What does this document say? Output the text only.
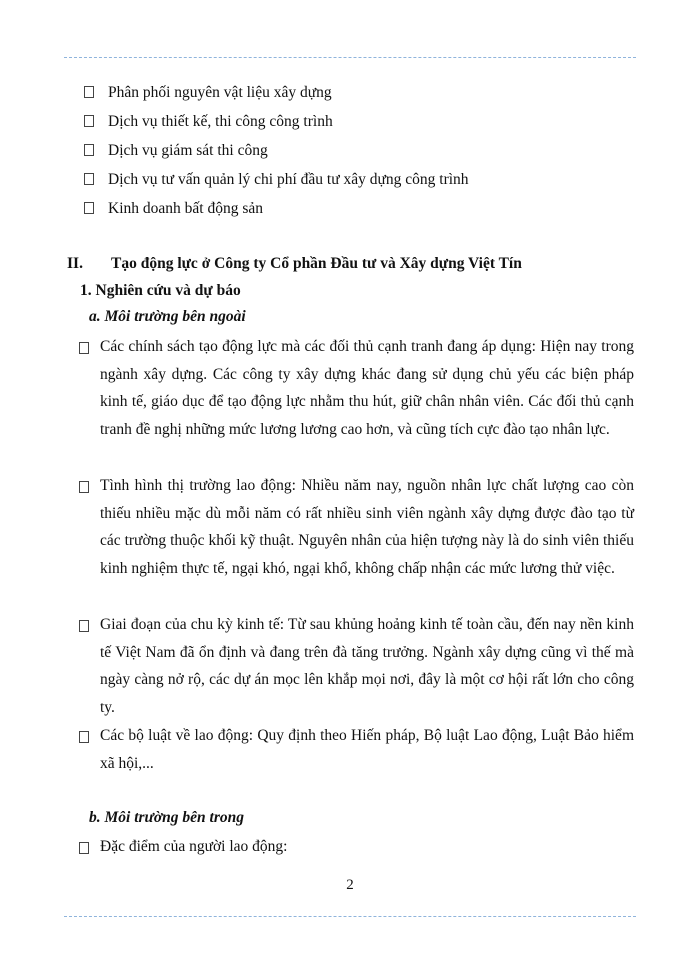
Phân phối nguyên vật liệu xây dựng
Dịch vụ thiết kế, thi công công trình
Dịch vụ giám sát thi công
Dịch vụ tư vấn quản lý chi phí đầu tư xây dựng công trình
Kinh doanh bất động sản
II. Tạo động lực ở Công ty Cổ phần Đầu tư và Xây dựng Việt Tín
1. Nghiên cứu và dự báo
a. Môi trường bên ngoài
Các chính sách tạo động lực mà các đối thủ cạnh tranh đang áp dụng: Hiện nay trong ngành xây dựng. Các công ty xây dựng khác đang sử dụng chủ yếu các biện pháp kinh tế, giáo dục để tạo động lực nhằm thu hút, giữ chân nhân viên. Các đối thủ cạnh tranh đề nghị những mức lương lương cao hơn, và cũng tích cực đào tạo nhân lực.
Tình hình thị trường lao động: Nhiều năm nay, nguồn nhân lực chất lượng cao còn thiếu nhiều mặc dù mỗi năm có rất nhiều sinh viên ngành xây dựng được đào tạo từ các trường thuộc khối kỹ thuật. Nguyên nhân của hiện tượng này là do sinh viên thiếu kinh nghiệm thực tế, ngại khó, ngại khổ, không chấp nhận các mức lương thử việc.
Giai đoạn của chu kỳ kinh tế: Từ sau khủng hoảng kinh tế toàn cầu, đến nay nền kinh tế Việt Nam đã ổn định và đang trên đà tăng trưởng. Ngành xây dựng cũng vì thế mà ngày càng nở rộ, các dự án mọc lên khắp mọi nơi, đây là một cơ hội rất lớn cho công ty.
Các bộ luật về lao động: Quy định theo Hiến pháp, Bộ luật Lao động, Luật Bảo hiểm xã hội,...
b. Môi trường bên trong
Đặc điểm của người lao động:
2
